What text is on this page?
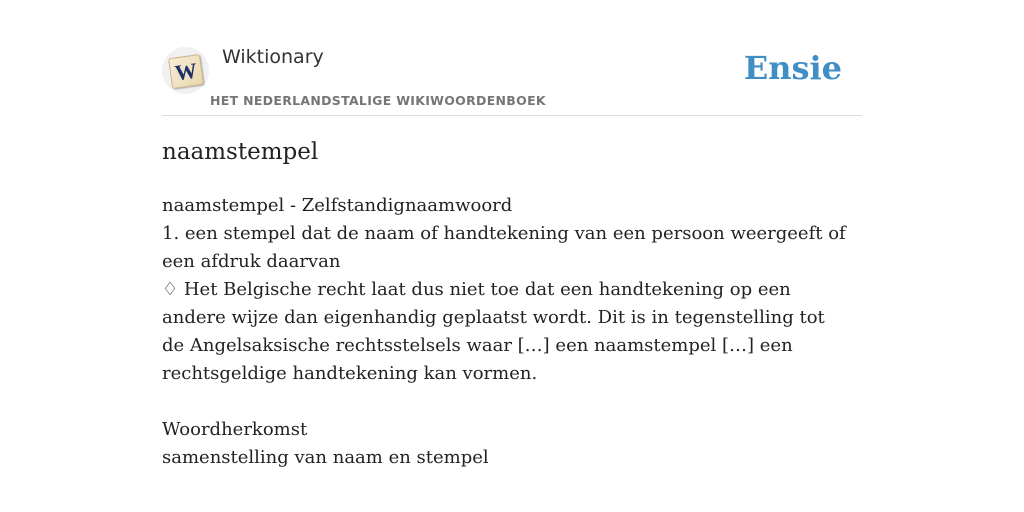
W
Wiktionary
HET NEDERLANDSTALIGE WIKIWOORDENBOEK
Ensie
naamstempel

naamstempel - Zelfstandignaamwoord

1. een stempel dat de naam of handtekening van een persoon weergeeft of een afdruk daarvan

♢ Het Belgische recht laat dus niet toe dat een handtekening op een andere wijze dan eigenhandig geplaatst wordt. Dit is in tegenstelling tot de Angelsaksische rechtsstelsels waar […] een naamstempel […] een rechtsgeldige handtekening kan vormen.

Woordherkomst

samenstelling van naam en stempel
